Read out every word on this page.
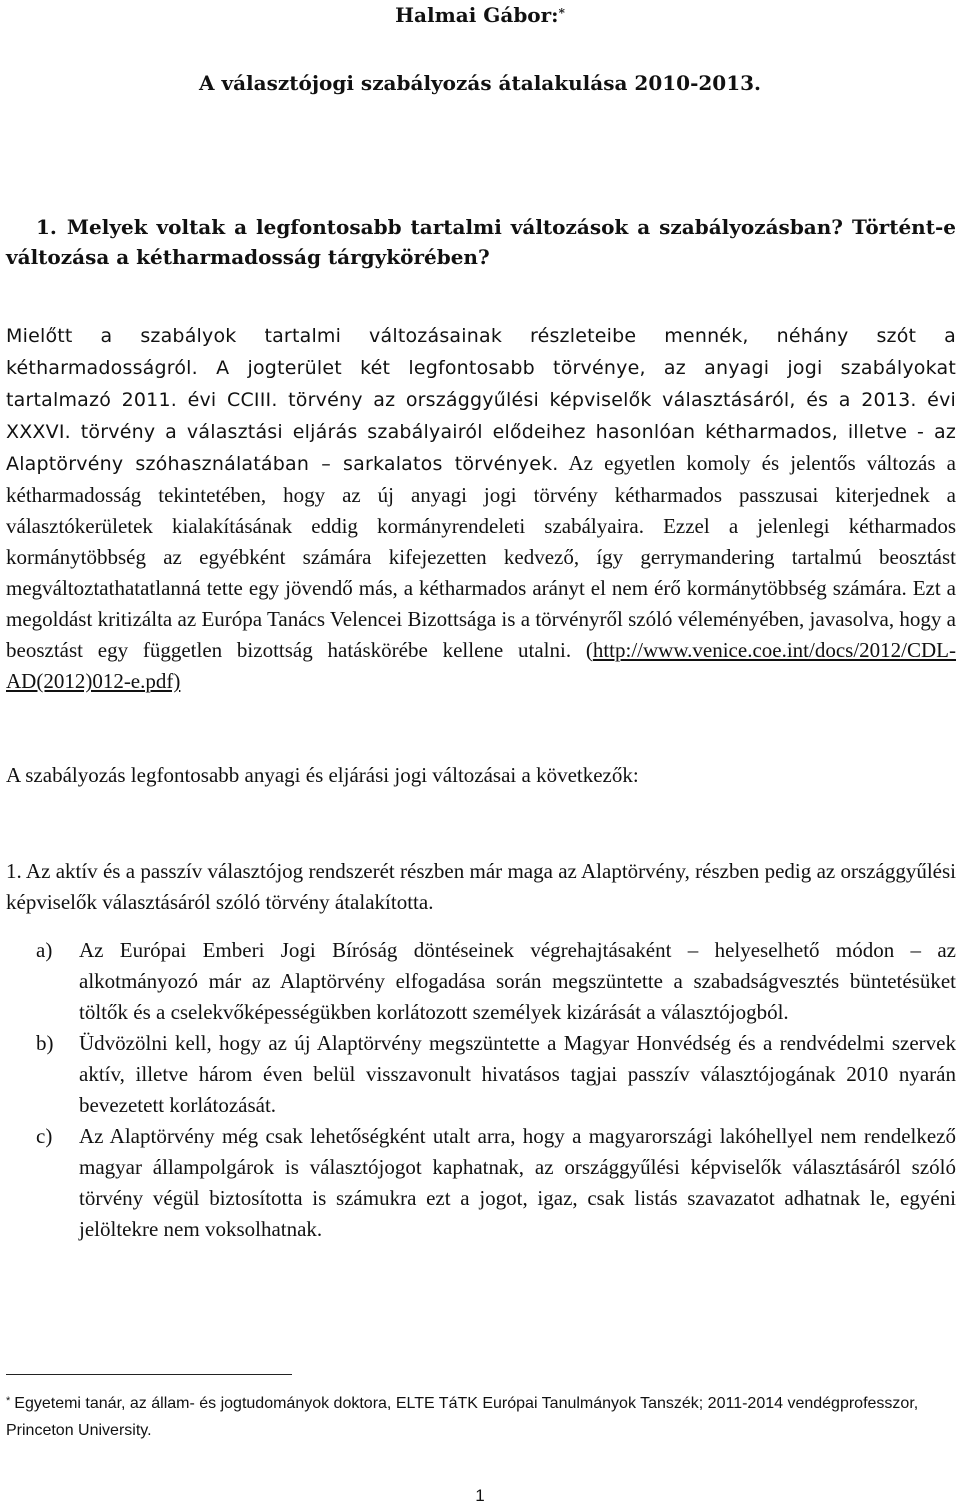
Halmai Gábor:*
A választójogi szabályozás átalakulása 2010-2013.
1. Melyek voltak a legfontosabb tartalmi változások a szabályozásban? Történt-e változása a kétharmadosság tárgykörében?

Mielőtt a szabályok tartalmi változásainak részleteibe mennék, néhány szót a kétharmadosságról. A jogterület két legfontosabb törvénye, az anyagi jogi szabályokat tartalmazó 2011. évi CCIII. törvény az országgyűlési képviselők választásáról, és a 2013. évi XXXVI. törvény a választási eljárás szabályairól elődeihez hasonlóan kétharmados, illetve - az Alaptörvény szóhasználatában – sarkalatos törvények. Az egyetlen komoly és jelentős változás a kétharmadosság tekintetében, hogy az új anyagi jogi törvény kétharmados passzusai kiterjednek a választókerületek kialakításának eddig kormányrendeleti szabályaira. Ezzel a jelenlegi kétharmados kormánytöbbség az egyébként számára kifejezetten kedvező, így gerrymandering tartalmú beosztást megváltoztathatatlanná tette egy jövendő más, a kétharmados arányt el nem érő kormánytöbbség számára. Ezt a megoldást kritizálta az Európa Tanács Velencei Bizottsága is a törvényről szóló véleményében, javasolva, hogy a beosztást egy független bizottság hatáskörébe kellene utalni. (http://www.venice.coe.int/docs/2012/CDL-AD(2012)012-e.pdf)

A szabályozás legfontosabb anyagi és eljárási jogi változásai a következők:

1. Az aktív és a passzív választójog rendszerét részben már maga az Alaptörvény, részben pedig az országgyűlési képviselők választásáról szóló törvény átalakította.

a) Az Európai Emberi Jogi Bíróság döntéseinek végrehajtásaként – helyeselhető módon – az alkotmányozó már az Alaptörvény elfogadása során megszüntette a szabadságvesztés büntetésüket töltők és a cselekvőképességükben korlátozott személyek kizárását a választójogból.
b) Üdvözölni kell, hogy az új Alaptörvény megszüntette a Magyar Honvédség és a rendvédelmi szervek aktív, illetve három éven belül visszavonult hivatásos tagjai passzív választójogának 2010 nyarán bevezetett korlátozását.
c) Az Alaptörvény még csak lehetőségként utalt arra, hogy a magyarországi lakóhellyel nem rendelkező magyar állampolgárok is választójogot kaphatnak, az országgyűlési képviselők választásáról szóló törvény végül biztosította is számukra ezt a jogot, igaz, csak listás szavazatot adhatnak le, egyéni jelöltekre nem voksolhatnak.
* Egyetemi tanár, az állam- és jogtudományok doktora, ELTE TáTK Európai Tanulmányok Tanszék; 2011-2014 vendégprofesszor, Princeton University.
1
